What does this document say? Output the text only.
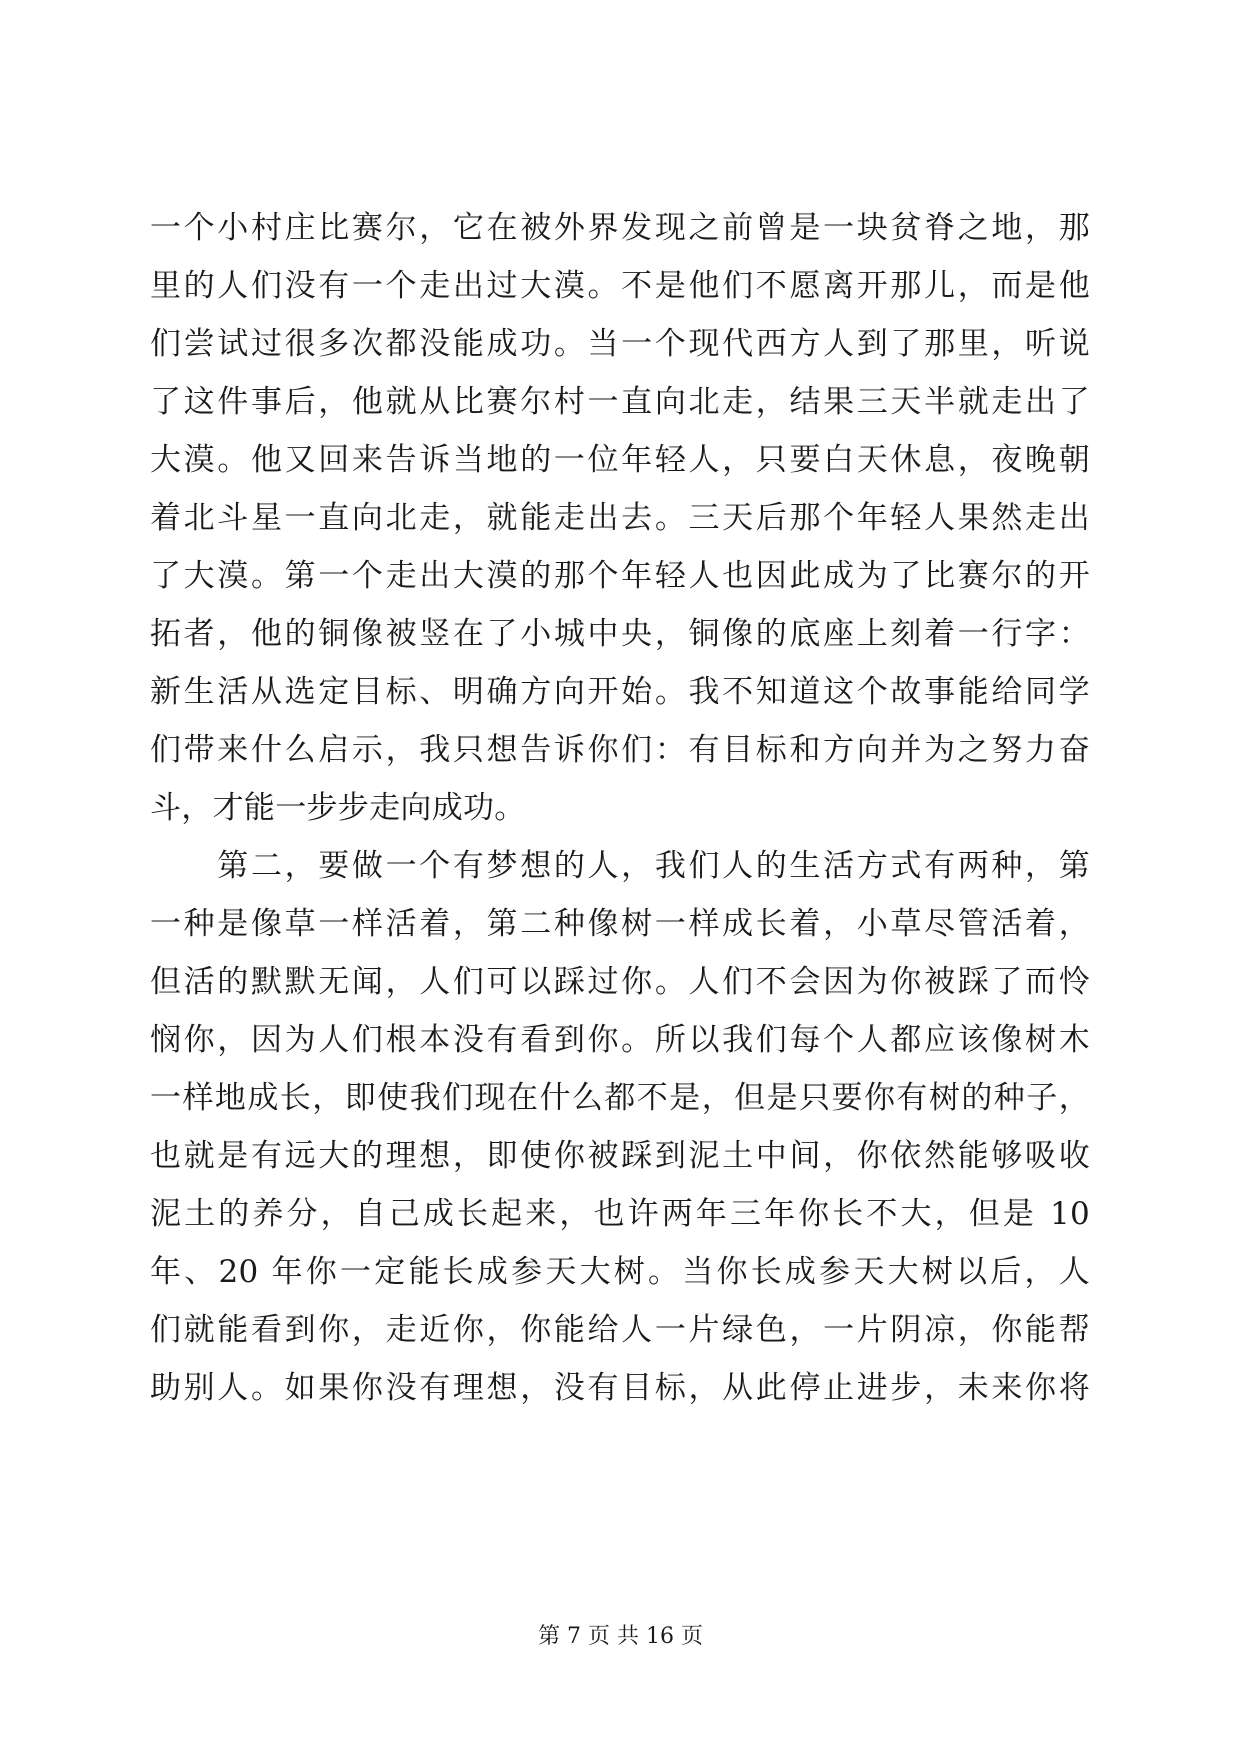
一个小村庄比赛尔，它在被外界发现之前曾是一块贫脊之地，那
里的人们没有一个走出过大漠。不是他们不愿离开那儿，而是他
们尝试过很多次都没能成功。当一个现代西方人到了那里，听说
了这件事后，他就从比赛尔村一直向北走，结果三天半就走出了
大漠。他又回来告诉当地的一位年轻人，只要白天休息，夜晚朝
着北斗星一直向北走，就能走出去。三天后那个年轻人果然走出
了大漠。第一个走出大漠的那个年轻人也因此成为了比赛尔的开
拓者，他的铜像被竖在了小城中央，铜像的底座上刻着一行字：
新生活从选定目标、明确方向开始。我不知道这个故事能给同学
们带来什么启示，我只想告诉你们：有目标和方向并为之努力奋
斗，才能一步步走向成功。
　　第二，要做一个有梦想的人，我们人的生活方式有两种，第
一种是像草一样活着，第二种像树一样成长着，小草尽管活着，
但活的默默无闻，人们可以踩过你。人们不会因为你被踩了而怜
悯你，因为人们根本没有看到你。所以我们每个人都应该像树木
一样地成长，即使我们现在什么都不是，但是只要你有树的种子，
也就是有远大的理想，即使你被踩到泥土中间，你依然能够吸收
泥土的养分，自己成长起来，也许两年三年你长不大，但是 10
年、20 年你一定能长成参天大树。当你长成参天大树以后，人
们就能看到你，走近你，你能给人一片绿色，一片阴凉，你能帮
助别人。如果你没有理想，没有目标，从此停止进步，未来你将
第 7 页 共 16 页
